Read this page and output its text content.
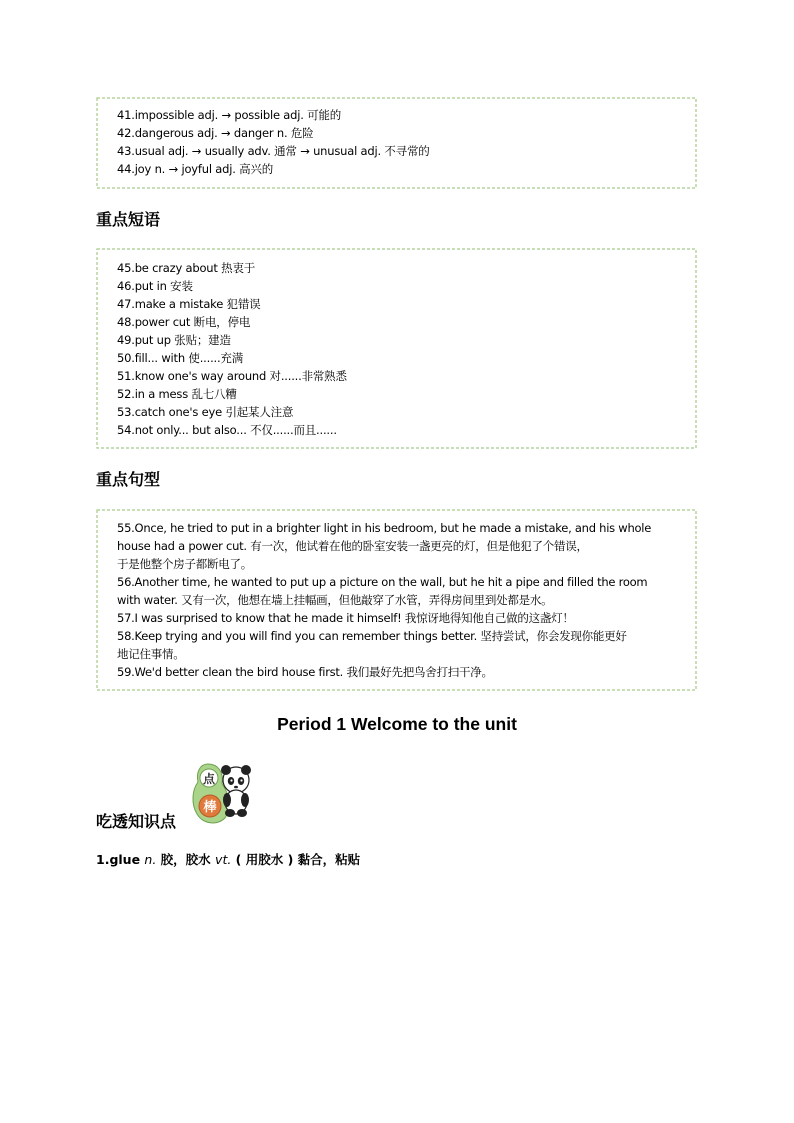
41.impossible adj. → possible adj. 可能的
42.dangerous adj. → danger n. 危险
43.usual adj. → usually adv. 通常 → unusual adj. 不寻常的
44.joy n. → joyful adj. 高兴的
重点短语
45.be crazy about 热衷于
46.put in 安装
47.make a mistake 犯错误
48.power cut 断电，停电
49.put up 张贴；建造
50.fill... with 使......充满
51.know one's way around 对......非常熟悉
52.in a mess 乱七八糟
53.catch one's eye 引起某人注意
54.not only... but also... 不仅......而且......
重点句型
55.Once, he tried to put in a brighter light in his bedroom, but he made a mistake, and his whole
house had a power cut. 有一次，他试着在他的卧室安装一盏更亮的灯，但是他犯了个错误，
于是他整个房子都断电了。
56.Another time, he wanted to put up a picture on the wall, but he hit a pipe and filled the room
with water. 又有一次，他想在墙上挂幅画，但他敲穿了水管，弄得房间里到处都是水。
57.I was surprised to know that he made it himself! 我惊讶地得知他自己做的这盏灯！
58.Keep trying and you will find you can remember things better. 坚持尝试，你会发现你能更好
地记住事情。
59.We'd better clean the bird house first. 我们最好先把鸟舍打扫干净。
Period 1 Welcome to the unit
点
棒
吃透知识点
1.glue n. 胶，胶水 vt. ( 用胶水 ) 黏合，粘贴
